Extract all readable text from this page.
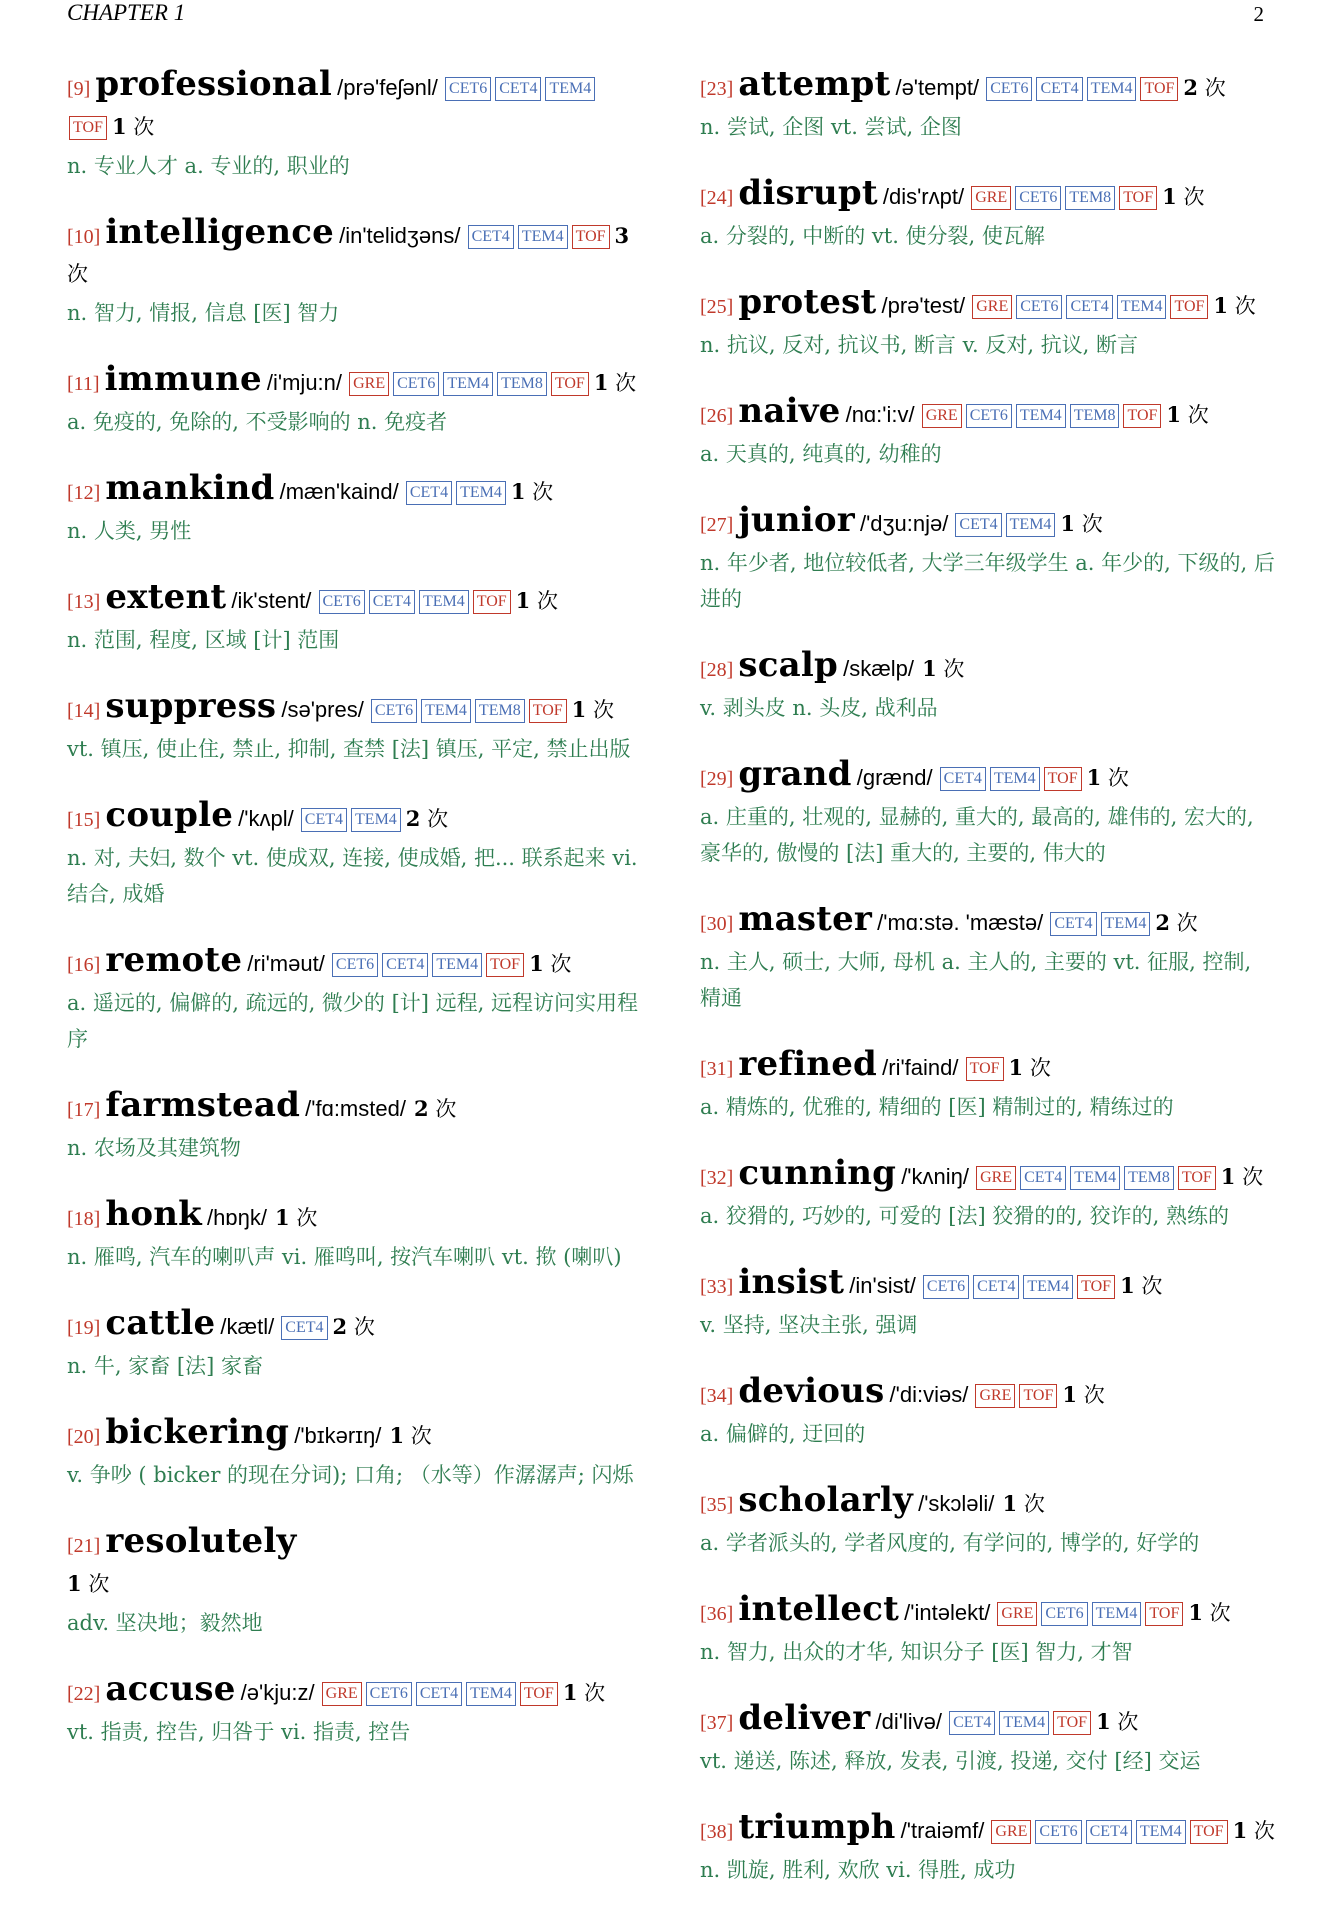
CHAPTER 1	2
[9] professional /prə'feʃənl/ CET6 CET4 TEM4TOF 1 次
n. 专业人才 a. 专业的, 职业的
[10] intelligence /in'telidʒəns/ CET4 TEM4 TOF 3 次
n. 智力, 情报, 信息 [医] 智力
[11] immune /i'mju:n/ GRE CET6 TEM4 TEM8 TOF 1 次
a. 免疫的, 免除的, 不受影响的 n. 免疫者
[12] mankind /mæn'kaind/ CET4 TEM4 1 次
n. 人类, 男性
[13] extent /ik'stent/ CET6 CET4 TEM4 TOF 1 次
n. 范围, 程度, 区域 [计] 范围
[14] suppress /sə'pres/ CET6 TEM4 TEM8 TOF 1 次
vt. 镇压, 使止住, 禁止, 抑制, 查禁 [法] 镇压, 平定, 禁止出版
[15] couple /'kʌpl/ CET4 TEM4 2 次
n. 对, 夫妇, 数个 vt. 使成双, 连接, 使成婚, 把... 联系起来 vi. 结合, 成婚
[16] remote /ri'məut/ CET6 CET4 TEM4 TOF 1 次
a. 遥远的, 偏僻的, 疏远的, 微少的 [计] 远程, 远程访问实用程序
[17] farmstead /'fɑ:msted/ 2 次
n. 农场及其建筑物
[18] honk /hɒŋk/ 1 次
n. 雁鸣, 汽车的喇叭声 vi. 雁鸣叫, 按汽车喇叭 vt. 揿 (喇叭)
[19] cattle /kætl/ CET4 2 次
n. 牛, 家畜 [法] 家畜
[20] bickering /'bɪkərɪŋ/ 1 次
v. 争吵 ( bicker 的现在分词); 口角; （水等）作潺潺声; 闪烁
[21] resolutely
1 次
adv. 坚决地；毅然地
[22] accuse /ə'kju:z/ GRE CET6 CET4 TEM4 TOF 1 次
vt. 指责, 控告, 归咎于 vi. 指责, 控告
[23] attempt /ə'tempt/ CET6 CET4 TEM4 TOF 2 次
n. 尝试, 企图 vt. 尝试, 企图
[24] disrupt /dis'rʌpt/ GRE CET6 TEM8 TOF 1 次
a. 分裂的, 中断的 vt. 使分裂, 使瓦解
[25] protest /prə'test/ GRE CET6 CET4 TEM4 TOF 1 次
n. 抗议, 反对, 抗议书, 断言 v. 反对, 抗议, 断言
[26] naive /nɑ:'i:v/ GRE CET6 TEM4 TEM8 TOF 1 次
a. 天真的, 纯真的, 幼稚的
[27] junior /'dʒu:njə/ CET4 TEM4 1 次
n. 年少者, 地位较低者, 大学三年级学生 a. 年少的, 下级的, 后进的
[28] scalp /skælp/ 1 次
v. 剥头皮 n. 头皮, 战利品
[29] grand /grænd/ CET4 TEM4 TOF 1 次
a. 庄重的, 壮观的, 显赫的, 重大的, 最高的, 雄伟的, 宏大的, 豪华的, 傲慢的 [法] 重大的, 主要的, 伟大的
[30] master /'mɑ:stə. 'mæstə/ CET4 TEM4 2 次
n. 主人, 硕士, 大师, 母机 a. 主人的, 主要的 vt. 征服, 控制, 精通
[31] refined /ri'faind/ TOF 1 次
a. 精炼的, 优雅的, 精细的 [医] 精制过的, 精练过的
[32] cunning /'kʌniŋ/ GRE CET4 TEM4 TEM8 TOF 1 次
a. 狡猾的, 巧妙的, 可爱的 [法] 狡猾的的, 狡诈的, 熟练的
[33] insist /in'sist/ CET6 CET4 TEM4 TOF 1 次
v. 坚持, 坚决主张, 强调
[34] devious /'di:viəs/ GRE TOF 1 次
a. 偏僻的, 迂回的
[35] scholarly /'skɔləli/ 1 次
a. 学者派头的, 学者风度的, 有学问的, 博学的, 好学的
[36] intellect /'intəlekt/ GRE CET6 TEM4 TOF 1 次
n. 智力, 出众的才华, 知识分子 [医] 智力, 才智
[37] deliver /di'livə/ CET4 TEM4 TOF 1 次
vt. 递送, 陈述, 释放, 发表, 引渡, 投递, 交付 [经] 交运
[38] triumph /'traiəmf/ GRE CET6 CET4 TEM4 TOF 1 次
n. 凯旋, 胜利, 欢欣 vi. 得胜, 成功
